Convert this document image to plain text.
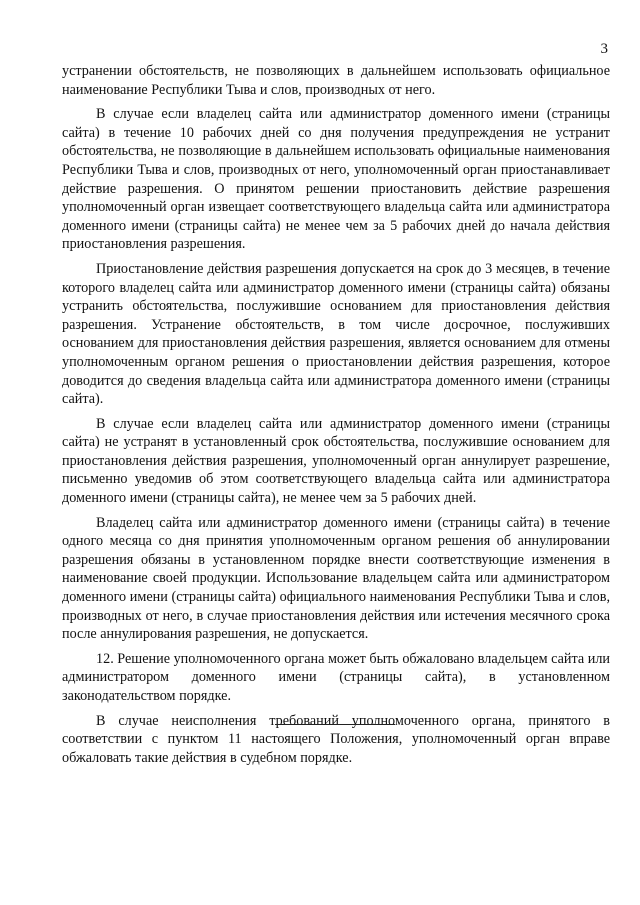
3

устранении обстоятельств, не позволяющих в дальнейшем использовать официальное наименование Республики Тыва и слов, производных от него.

В случае если владелец сайта или администратор доменного имени (страницы сайта) в течение 10 рабочих дней со дня получения предупреждения не устранит обстоятельства, не позволяющие в дальнейшем использовать официальные наименования Республики Тыва и слов, производных от него, уполномоченный орган приостанавливает действие разрешения. О принятом решении приостановить действие разрешения уполномоченный орган извещает соответствующего владельца сайта или администратора доменного имени (страницы сайта) не менее чем за 5 рабочих дней до начала действия приостановления разрешения.

Приостановление действия разрешения допускается на срок до 3 месяцев, в течение которого владелец сайта или администратор доменного имени (страницы сайта) обязаны устранить обстоятельства, послужившие основанием для приостановления действия разрешения. Устранение обстоятельств, в том числе досрочное, послуживших основанием для приостановления действия разрешения, является основанием для отмены уполномоченным органом решения о приостановлении действия разрешения, которое доводится до сведения владельца сайта или администратора доменного имени (страницы сайта).

В случае если владелец сайта или администратор доменного имени (страницы сайта) не устранят в установленный срок обстоятельства, послужившие основанием для приостановления действия разрешения, уполномоченный орган аннулирует разрешение, письменно уведомив об этом соответствующего владельца сайта или администратора доменного имени (страницы сайта), не менее чем за 5 рабочих дней.

Владелец сайта или администратор доменного имени (страницы сайта) в течение одного месяца со дня принятия уполномоченным органом решения об аннулировании разрешения обязаны в установленном порядке внести соответствующие изменения в наименование своей продукции. Использование владельцем сайта или администратором доменного имени (страницы сайта) официального наименования Республики Тыва и слов, производных от него, в случае приостановления действия или истечения месячного срока после аннулирования разрешения, не допускается.

12. Решение уполномоченного органа может быть обжаловано владельцем сайта или администратором доменного имени (страницы сайта), в установленном законодательством порядке.

В случае неисполнения требований уполномоченного органа, принятого в соответствии с пунктом 11 настоящего Положения, уполномоченный орган вправе обжаловать такие действия в судебном порядке.
